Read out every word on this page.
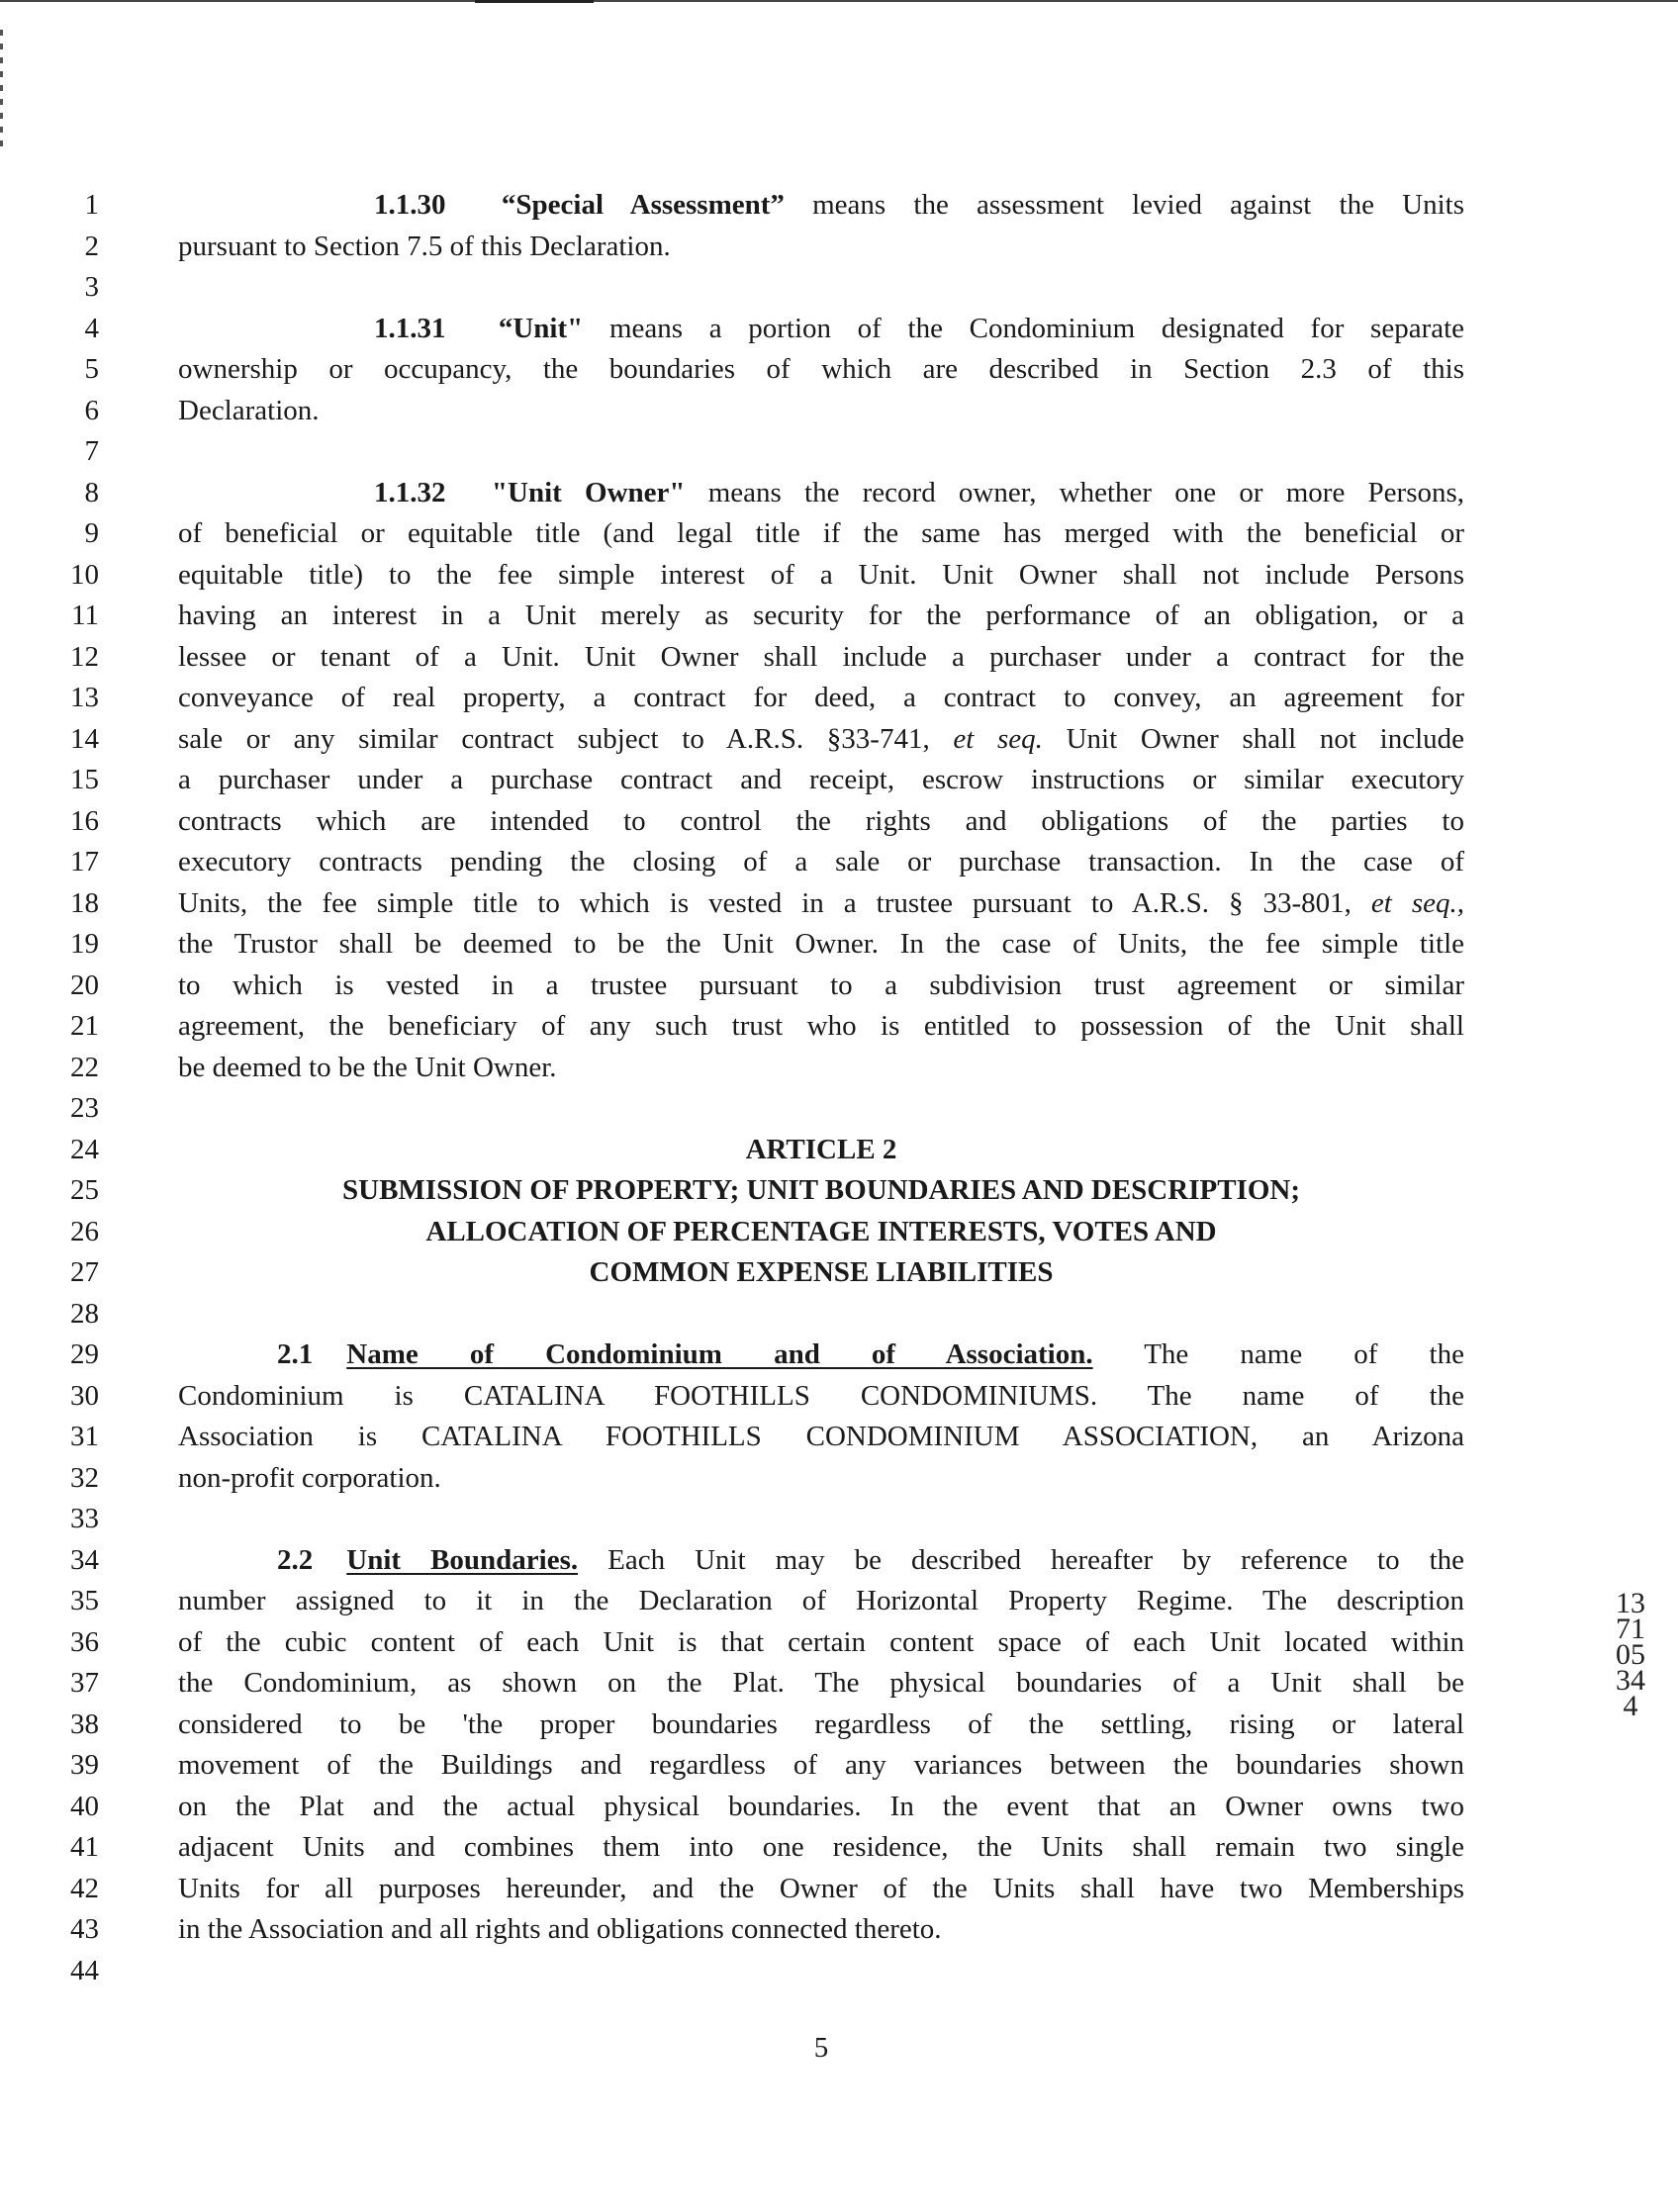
1
2
3
4
5
6
7
8
9
10
11
12
13
14
15
16
17
18
19
20
21
22
23
24
25
26
27
28
29
30
31
32
33
34
35
36
37
38
39
40
41
42
43
44
1.1.30 “Special Assessment” means the assessment levied against the Units
pursuant to Section 7.5 of this Declaration.
1.1.31 “Unit" means a portion of the Condominium designated for separate
ownership or occupancy, the boundaries of which are described in Section 2.3 of this
Declaration.
1.1.32 "Unit Owner" means the record owner, whether one or more Persons,
of beneficial or equitable title (and legal title if the same has merged with the beneficial or
equitable title) to the fee simple interest of a Unit. Unit Owner shall not include Persons
having an interest in a Unit merely as security for the performance of an obligation, or a
lessee or tenant of a Unit. Unit Owner shall include a purchaser under a contract for the
conveyance of real property, a contract for deed, a contract to convey, an agreement for
sale or any similar contract subject to A.R.S. §33-741, et seq. Unit Owner shall not include
a purchaser under a purchase contract and receipt, escrow instructions or similar executory
contracts which are intended to control the rights and obligations of the parties to
executory contracts pending the closing of a sale or purchase transaction. In the case of
Units, the fee simple title to which is vested in a trustee pursuant to A.R.S. § 33-801, et seq.,
the Trustor shall be deemed to be the Unit Owner. In the case of Units, the fee simple title
to which is vested in a trustee pursuant to a subdivision trust agreement or similar
agreement, the beneficiary of any such trust who is entitled to possession of the Unit shall
be deemed to be the Unit Owner.
ARTICLE 2
SUBMISSION OF PROPERTY; UNIT BOUNDARIES AND DESCRIPTION;
ALLOCATION OF PERCENTAGE INTERESTS, VOTES AND
COMMON EXPENSE LIABILITIES
2.1 Name of Condominium and of Association. The name of the
Condominium is CATALINA FOOTHILLS CONDOMINIUMS. The name of the
Association is CATALINA FOOTHILLS CONDOMINIUM ASSOCIATION, an Arizona
non-profit corporation.
2.2 Unit Boundaries. Each Unit may be described hereafter by reference to the
number assigned to it in the Declaration of Horizontal Property Regime. The description
of the cubic content of each Unit is that certain content space of each Unit located within
the Condominium, as shown on the Plat. The physical boundaries of a Unit shall be
considered to be 'the proper boundaries regardless of the settling, rising or lateral
movement of the Buildings and regardless of any variances between the boundaries shown
on the Plat and the actual physical boundaries. In the event that an Owner owns two
adjacent Units and combines them into one residence, the Units shall remain two single
Units for all purposes hereunder, and the Owner of the Units shall have two Memberships
in the Association and all rights and obligations connected thereto.
5
1371 05344
